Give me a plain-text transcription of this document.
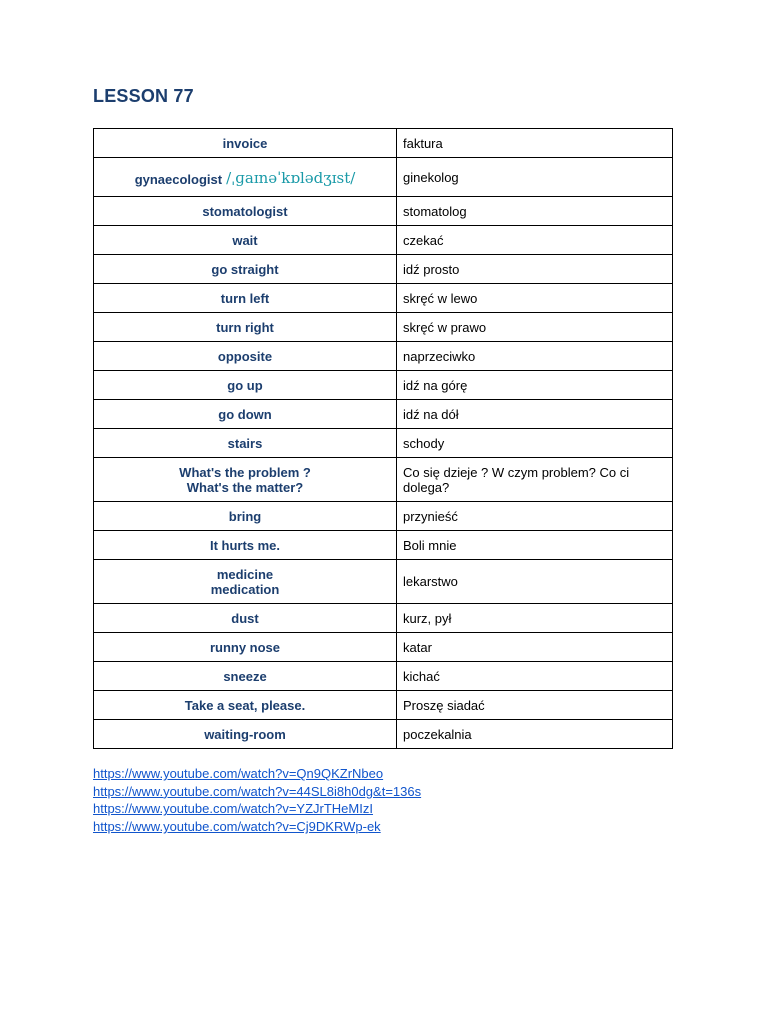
LESSON 77
invoice	faktura
gynaecologist /ˌɡaɪnəˈkɒlədʒɪst/	ginekolog

stomatologist	stomatolog

wait	czekać

go straight	idź prosto

turn left	skręć w lewo

turn right	skręć w prawo

opposite	naprzeciwko

go up	idź na górę

go down	idź na dół

stairs	schody

What's the problem ?
What's the matter?	Co się dzieje ? W czym problem? Co ci dolega?

bring	przynieść

It hurts me.	Boli mnie

medicine
medication	lekarstwo

dust	kurz, pył

runny nose	katar

sneeze	kichać

Take a seat, please.	Proszę siadać

waiting-room	poczekalnia
https://www.youtube.com/watch?v=Qn9QKZrNbeo
https://www.youtube.com/watch?v=44SL8i8h0dg&t=136s
https://www.youtube.com/watch?v=YZJrTHeMIzI
https://www.youtube.com/watch?v=Cj9DKRWp-ek
